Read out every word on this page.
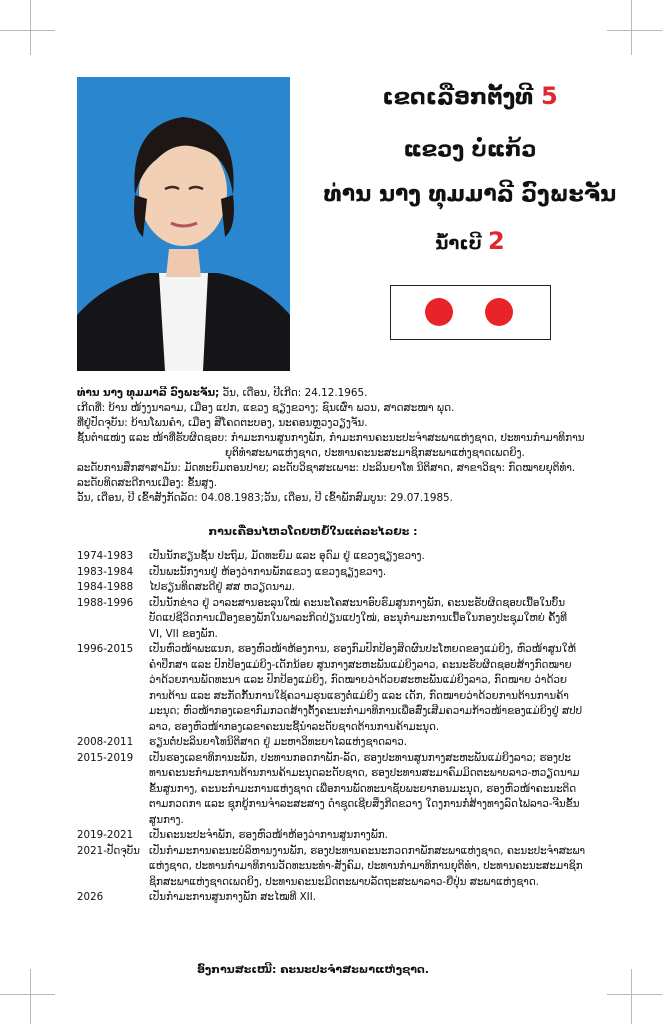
ເຂດເລືອກຕັ້ງທີ 5
ແຂວງ ບໍ່ແກ້ວ
ທ່ານ ນາງ ທຸມມາລີ ວົງພະຈັນ
ນ້ຳເບີ 2

ທ່ານ ນາງ ທຸມມາລີ ວົງພະຈັນ; ວັນ, ເດືອນ, ປີເກີດ: 24.12.1965.

ເກີດທີ່: ບ້ານ ໜ້ງງນາລາມ, ເມືອງ ແປກ, ແຂວງ ຊຽງຂວາງ; ຊົນເຜົ່າ ພວນ, ສາດສະໜາ ພຸດ.

ທີ່ຢູ່ປັດຈຸບັນ: ບ້ານໂພນຄຳ, ເມືອງ ສີໂຄດຕະບອງ, ນະຄອນຫຼວງວຽງຈັນ.

ຊັ້ນຕຳແໜ່ງ ແລະ ໜ້າທີ່ຮັບຜິດຊອບ: ກຳມະການສູນກາງພັກ, ກຳມະການຄະນະປະຈຳສະພາແຫ່ງຊາດ, ປະທານກຳມາທິການ

ຍຸຕິທຳສະພາແຫ່ງຊາດ, ປະທານຄະນະສະມາຊິກສະພາແຫ່ງຊາດເພດຍິງ.

ລະດັບການສຶກສາສາມັນ: ມັດທະຍົມຕອນປາຍ; ລະດັບວິຊາສະເພາະ: ປະລິນຍາໂທ ນິຕິສາດ, ສາຂາວິຊາ: ກົດໝາຍຍຸຕິທຳ.

ລະດັບທິດສະດີການເມືອງ: ຂັ້ນສູງ.

ວັນ, ເດືອນ, ປີ ເຂົ້າສັງກັດລັດ: 04.08.1983;ວັນ, ເດືອນ, ປີ ເຂົ້າພັກສົມບູນ: 29.07.1985.

ການເຄື່ອນໄຫວໂດຍຫຍໍ້ໃນແຕ່ລະໄລຍະ :
1974-1983	ເປັນນັກຮຽນຊັ້ນ ປະຖົມ, ມັດທະຍົມ ແລະ ອຸດົມ ຢູ່ ແຂວງຊຽງຂວາງ.
1983-1984	ເປັນພະນັກງານຢູ່ ຫ້ອງວ່າການພັກແຂວງ ແຂວງຊຽງຂວາງ.
1984-1988	ໄປຮຽນທິດສະດີຢູ່ ສສ ຫວຽດນາມ.
1988-1996	ເປັນນັກຂ່າວ ຢູ່ ວາລະສານອະລຸນໃໝ່ ຄະນະໂຄສະນາອົບຮົມສູນກາງພັກ, ຄະນະຮັບຜິດຊອບເນື້ອໃນບົ້ນ
ບັດແປຊີວິດການເມືອງຂອງພັກໃນພາລະກິດປ່ຽນແປງໃໝ່, ອະນຸກຳມະການເນື້ອໃນກອງປະຊຸມໃຫຍ່ ຄັ້ງທີ
VI, VII ຂອງພັກ.
1996-2015	ເປັນຫົວໜ້າພະແນກ, ຮອງຫົວໜ້າຫ້ອງການ, ຮອງກົມປົກປ້ອງສິດຜົນປະໂຫຍດຂອງແມ່ຍິງ, ຫົວໜ້າສູນໃຫ້
ຄຳປຶກສາ ແລະ ປົກປ້ອງແມ່ຍິງ-ເດັກນ້ອຍ ສູນກາງສະຫະພັນແມ່ຍິງລາວ, ຄະນະຮັບຜິດຊອບສ້າງກົດໝາຍ
ວ່າດ້ວຍການພັດທະນາ ແລະ ປົກປ້ອງແມ່ຍິງ, ກົດໝາຍວ່າດ້ວຍສະຫະພັນແມ່ຍິງລາວ, ກົດໝາຍ ວ່າດ້ວຍ
ການຕ້ານ ແລະ ສະກັດກັ້ນການໃຊ້ຄວາມຮຸນແຮງຕໍ່ແມ່ຍິງ ແລະ ເດັກ, ກົດໝາຍວ່າດ້ວຍການຕ້ານການຄ້າ
ມະນຸດ; ຫົວໜ້າກອງເລຂາກົມກວດສ້າງຕັ້ງຄະນະກຳມາທິການເພື່ອສົ່ງເສີມຄວາມກ້າວໜ້າຂອງແມ່ຍິງຢູ່ ສປປ
ລາວ, ຮອງຫົວໜ້າກອງເລຂາຄະນະຊີ້ນຳລະດັບຊາດຕ້ານການຄ້າມະນຸດ.
2008-2011	ຮຽນຕໍ່ປະລິນຍາໂທນິຕິສາດ ຢູ່ ມະຫາວິທະຍາໄລແຫ່ງຊາດລາວ.
2015-2019	ເປັນຮອງເລຂາທິການະພັກ, ປະທານກອດກາພັກ-ລັດ, ຮອງປະທານສູນກາງສະຫະພັນແມ່ຍິງລາວ; ຮອງປະ
ທານຄະນະກຳມະການຕ້ານການຄ້າມະນຸດລະດັບຊາດ, ຮອງປະທານສະມາຄົມມິດຕະພາບລາວ-ຫວຽດນາມ
ຂັ້ນສູນກາງ, ຄະນະກຳມະການແຫ່ງຊາດ ເພື່ອການພັດທະນາຊັບພະຍາກອນມະນຸດ, ຮອງຫົວໜ້າຄະນະຕິດ
ຕາມກວດກາ ແລະ ຊຸກຍູ້ການຈຳລະສະສາງ ດຳຊຸດເຊີຍສິ່ງກີດຂວາງ ໃດງການກໍ່ສ້າງທາງລົດໄຟລາວ-ຈີນຂັ້ນ
ສູນກາງ.
2019-2021	ເປັນຄະນະປະຈຳພັກ, ຮອງຫົວໜ້າຫ້ອງວ່າການສູນກາງພັກ.
2021-ປັດຈຸບັນ ເປັນກຳມະການຄະນະບໍລິຫານງານພັກ, ຮອງປະທານຄະນະກວດກາພັກສະພາແຫ່ງຊາດ, ຄະນະປະຈຳສະພາ
ແຫ່ງຊາດ, ປະທານກຳມາທິການວັດທະນະທຳ-ສັງຄົມ, ປະທານກຳມາທິການຍຸຕິທຳ, ປະທານຄະນະສະມາຊິກ
ຊິກສະພາແຫ່ງຊາດເພດຍິງ, ປະທານຄະນະມິດຕະພາບລັດຖະສະພາລາວ-ຍີ່ປຸ່ນ ສະພາແຫ່ງຊາດ.
2026	ເປັນກຳມະການສູນກາງພັກ ສະໄໝທີ XII.
ອົງການສະເໜີ: ຄະນະປະຈຳສະພາແຫ່ງຊາດ.
